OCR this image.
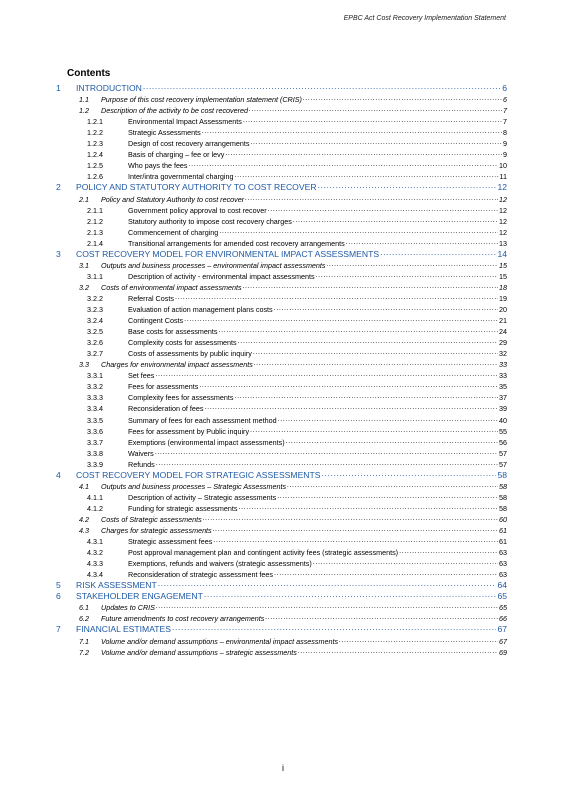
EPBC Act Cost Recovery Implementation Statement
Contents
1	INTRODUCTION .....	6
1.1	Purpose of this cost recovery implementation statement (CRIS) .....	6
1.2	Description of the activity to be cost recovered .....	7
1.2.1	Environmental Impact Assessments .....	7
1.2.2	Strategic Assessments .....	8
1.2.3	Design of cost recovery arrangements .....	9
1.2.4	Basis of charging – fee or levy .....	9
1.2.5	Who pays the fees .....	10
1.2.6	Inter/intra governmental charging .....	11
2	POLICY AND STATUTORY AUTHORITY TO COST RECOVER .....	12
2.1	Policy and Statutory Authority to cost recover .....	12
2.1.1	Government policy approval to cost recover .....	12
2.1.2	Statutory authority to impose cost recovery charges .....	12
2.1.3	Commencement of charging .....	12
2.1.4	Transitional arrangements for amended cost recovery arrangements .....	13
3	COST RECOVERY MODEL FOR ENVIRONMENTAL IMPACT ASSESSMENTS .....	14
3.1	Outputs and business processes – environmental impact assessments .....	15
3.1.1	Description of activity - environmental impact assessments .....	15
3.2	Costs of environmental impact assessments .....	18
3.2.2	Referral Costs .....	19
3.2.3	Evaluation of action management plans costs .....	20
3.2.4	Contingent Costs .....	21
3.2.5	Base costs for assessments .....	24
3.2.6	Complexity costs for assessments .....	29
3.2.7	Costs of assessments by public inquiry .....	32
3.3	Charges for environmental impact assessments .....	33
3.3.1	Set fees .....	33
3.3.2	Fees for assessments .....	35
3.3.3	Complexity fees for assessments .....	37
3.3.4	Reconsideration of fees .....	39
3.3.5	Summary of fees for each assessment method .....	40
3.3.6	Fees for assessment by Public inquiry .....	55
3.3.7	Exemptions (environmental impact assessments) .....	56
3.3.8	Waivers .....	57
3.3.9	Refunds .....	57
4	COST RECOVERY MODEL FOR STRATEGIC ASSESSMENTS .....	58
4.1	Outputs and business processes – Strategic Assessments .....	58
4.1.1	Description of activity – Strategic assessments .....	58
4.1.2	Funding for strategic assessments .....	58
4.2	Costs of Strategic assessments .....	60
4.3	Charges for strategic assessments .....	61
4.3.1	Strategic assessment fees .....	61
4.3.2	Post approval management plan and contingent activity fees (strategic assessments) .....	63
4.3.3	Exemptions, refunds and waivers (strategic assessments) .....	63
4.3.4	Reconsideration of strategic assessment fees .....	63
5	RISK ASSESSMENT .....	64
6	STAKEHOLDER ENGAGEMENT .....	65
6.1	Updates to CRIS .....	65
6.2	Future amendments to cost recovery arrangements .....	66
7	FINANCIAL ESTIMATES .....	67
7.1	Volume and/or demand assumptions – environmental impact assessments .....	67
7.2	Volume and/or demand assumptions – strategic assessments .....	69
i
